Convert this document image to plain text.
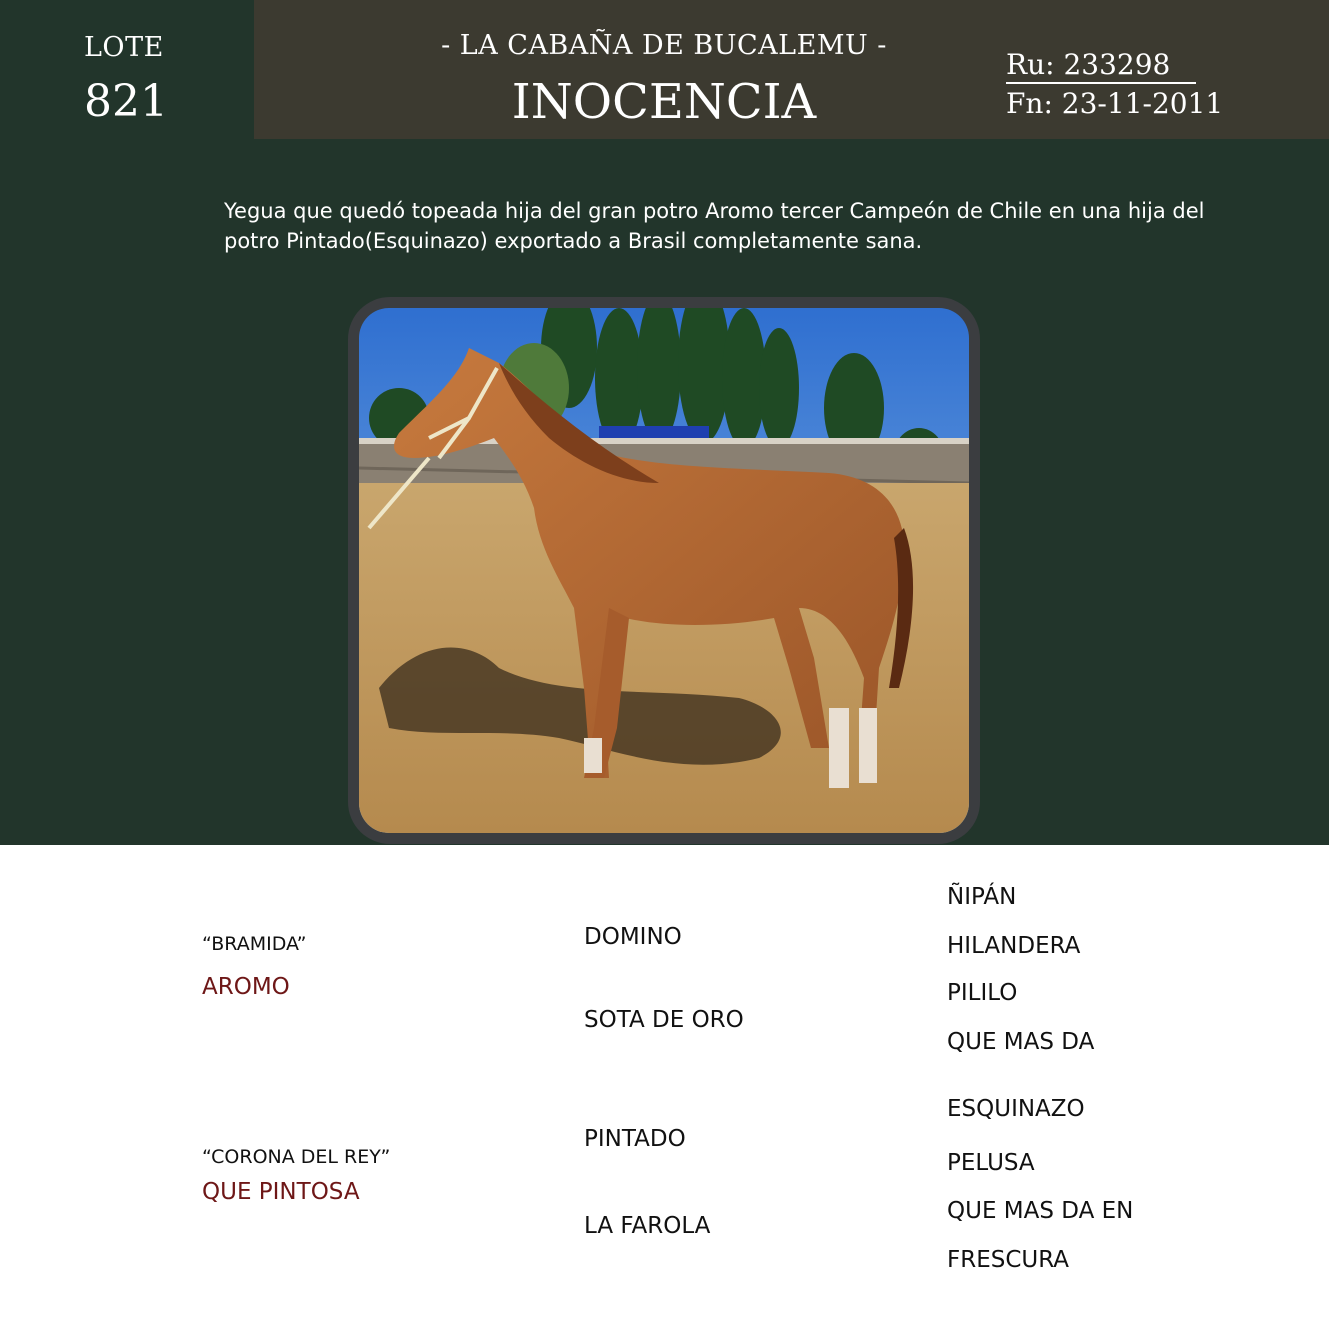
LOTE
821
- LA CABAÑA DE BUCALEMU -
INOCENCIA
Ru: 233298
Fn: 23-11-2011
Yegua que quedó topeada hija del gran potro Aromo tercer Campeón de Chile en una hija del potro Pintado(Esquinazo) exportado a Brasil completamente sana.
“BRAMIDA”
AROMO
“CORONA DEL REY”
QUE PINTOSA
DOMINO
SOTA DE ORO
PINTADO
LA FAROLA
ÑIPÁN
HILANDERA
PILILO
QUE MAS DA
ESQUINAZO
PELUSA
QUE MAS DA EN
FRESCURA
